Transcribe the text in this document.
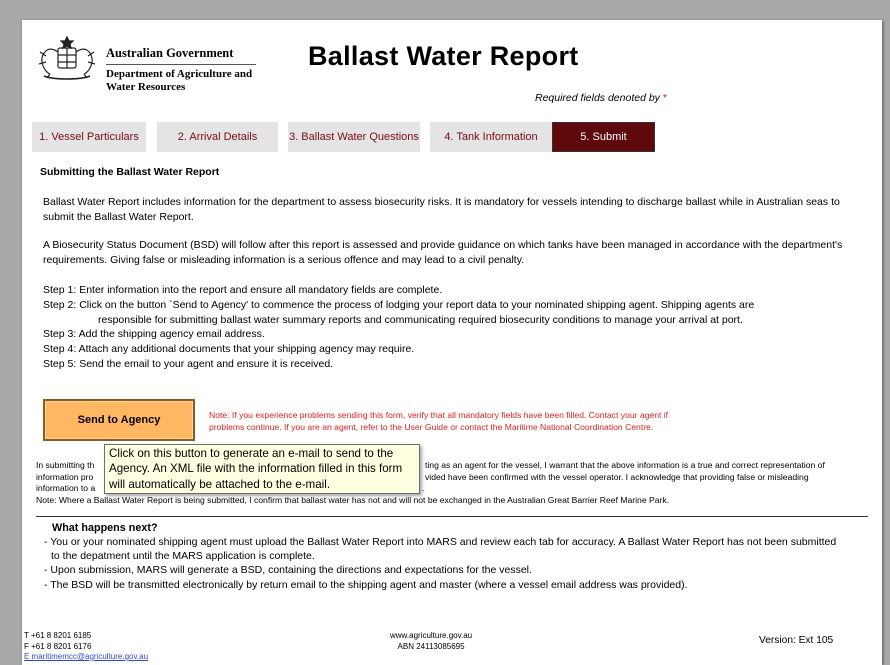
Australian Government
Department of Agriculture and Water Resources
Ballast Water Report
Required fields denoted by *
1. Vessel Particulars	2. Arrival Details	3. Ballast Water Questions	4. Tank Information	5. Submit
Submitting the Ballast Water Report
Ballast Water Report includes information for the department to assess biosecurity risks. It is mandatory for vessels intending to discharge ballast while in Australian seas to submit the Ballast Water Report.
A Biosecurity Status Document (BSD) will follow after this report is assessed and provide guidance on which tanks have been managed in accordance with the department's requirements. Giving false or misleading information is a serious offence and may lead to a civil penalty.
Step 1: Enter information into the report and ensure all mandatory fields are complete.
Step 2: Click on the button `Send to Agency' to commence the process of lodging your report data to your nominated shipping agent. Shipping agents are
responsible for submitting ballast water summary reports and communicating required biosecurity conditions to manage your arrival at port.
Step 3: Add the shipping agency email address.
Step 4: Attach any additional documents that your shipping agency may require.
Step 5: Send the email to your agent and ensure it is received.
Send to Agency	Note: If you experience problems sending this form, verify that all mandatory fields have been filled. Contact your agent if
problems continue. If you are an agent, refer to the User Guide or contact the Maritime National Coordination Centre.
In submitting th	ting as an agent for the vessel, I warrant that the above information is a true and correct representation of
information pro	vided have been confirmed with the vessel operator. I acknowledge that providing false or misleading
information to a	.
Note: Where a Ballast Water Report is being submitted, I confirm that ballast water has not and will not be exchanged in the Australian Great Barrier Reef Marine Park.
Click on this button to generate an e-mail to send to the Agency. An XML file with the information filled in this form will automatically be attached to the e-mail.
What happens next?
- You or your nominated shipping agent must upload the Ballast Water Report into MARS and review each tab for accuracy. A Ballast Water Report has not been submitted
to the depatment until the MARS application is complete.
- Upon submission, MARS will generate a BSD, containing the directions and expectations for the vessel.
- The BSD will be transmitted electronically by return email to the shipping agent and master (where a vessel email address was provided).
T +61 8 8201 6185
F +61 8 8201 6176
E maritimemcc@agriculture.gov.au
www.agriculture.gov.au
ABN 24113085695	Version: Ext 105
